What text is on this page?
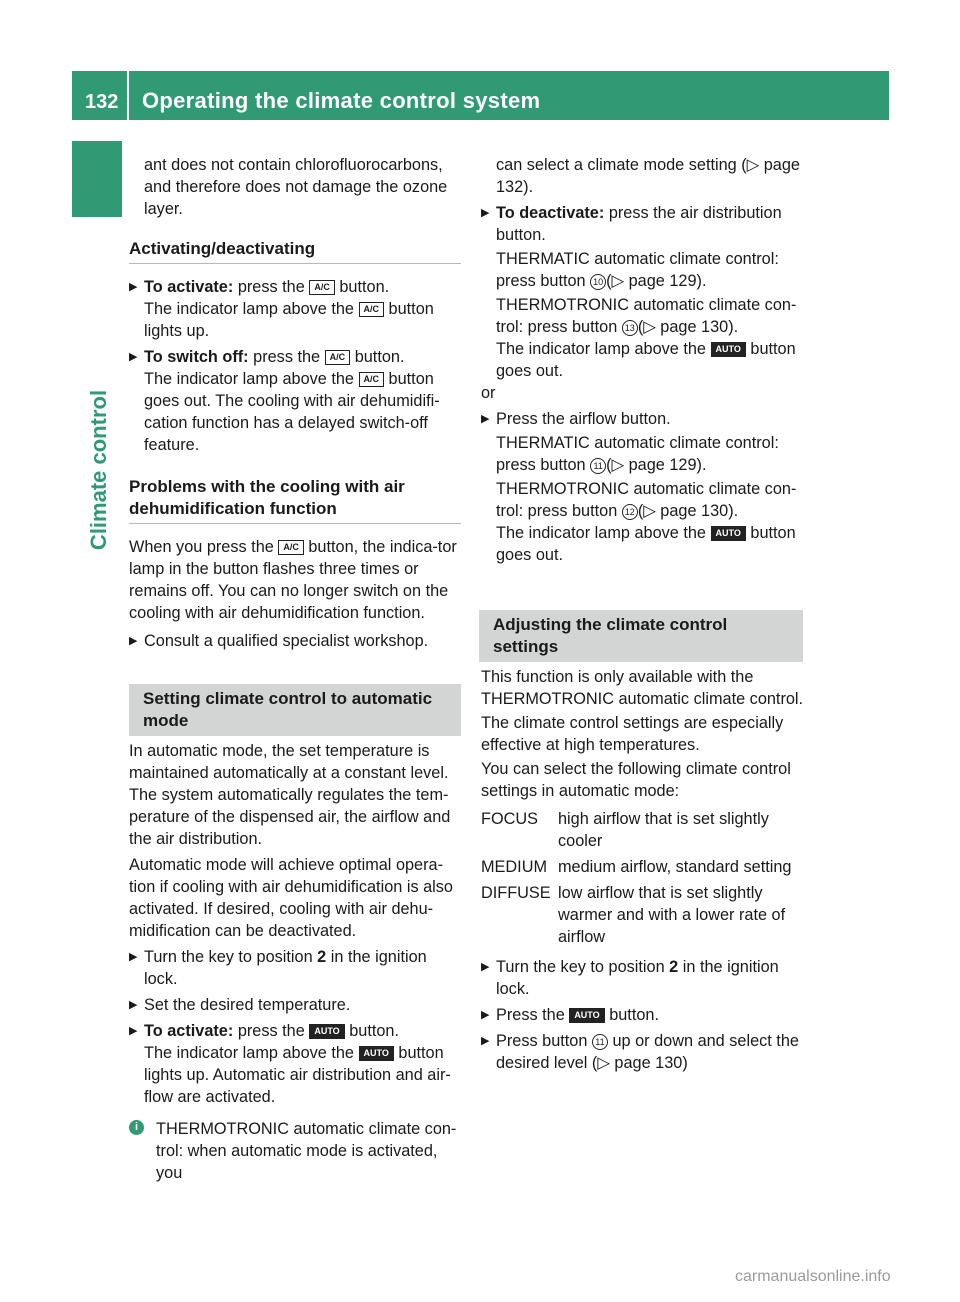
132 Operating the climate control system
Climate control

ant does not contain chlorofluorocarbons, and therefore does not damage the ozone layer.

Activating/deactivating
▶ To activate: press the A/C button.
The indicator lamp above the A/C button lights up.
▶ To switch off: press the A/C button.
The indicator lamp above the A/C button goes out. The cooling with air dehumidifi-cation function has a delayed switch-off feature.
Problems with the cooling with air dehumidification function

When you press the A/C button, the indica-tor lamp in the button flashes three times or remains off. You can no longer switch on the cooling with air dehumidification function.

▶ Consult a qualified specialist workshop.
Setting climate control to automatic mode

In automatic mode, the set temperature is maintained automatically at a constant level. The system automatically regulates the tem-perature of the dispensed air, the airflow and the air distribution.

Automatic mode will achieve optimal opera-tion if cooling with air dehumidification is also activated. If desired, cooling with air dehu-midification can be deactivated.

▶ Turn the key to position 2 in the ignition lock.
▶ Set the desired temperature.
▶ To activate: press the AUTO button.
The indicator lamp above the AUTO button lights up. Automatic air distribution and air-flow are activated.
i	THERMOTRONIC automatic climate con-trol: when automatic mode is activated, you

can select a climate mode setting (▷ page 132).

▶ To deactivate: press the air distribution button.
THERMATIC automatic climate control:
press button 10 (▷ page 129).
THERMOTRONIC automatic climate con-trol: press button 13 (▷ page 130).
The indicator lamp above the AUTO button goes out.

or

▶ Press the airflow button.
THERMATIC automatic climate control:
press button 11 (▷ page 129).
THERMOTRONIC automatic climate con-trol: press button 12 (▷ page 130).
The indicator lamp above the AUTO button goes out.
Adjusting the climate control settings

This function is only available with the THERMOTRONIC automatic climate control.

The climate control settings are especially effective at high temperatures.

You can select the following climate control settings in automatic mode:

FOCUS	high airflow that is set slightly cooler
MEDIUM medium airflow, standard setting
DIFFUSE low airflow that is set slightly warmer and with a lower rate of airflow
▶ Turn the key to position 2 in the ignition lock.
▶ Press the AUTO button.
▶ Press button 11 up or down and select the desired level (▷ page 130)
carmanualsonline.info
